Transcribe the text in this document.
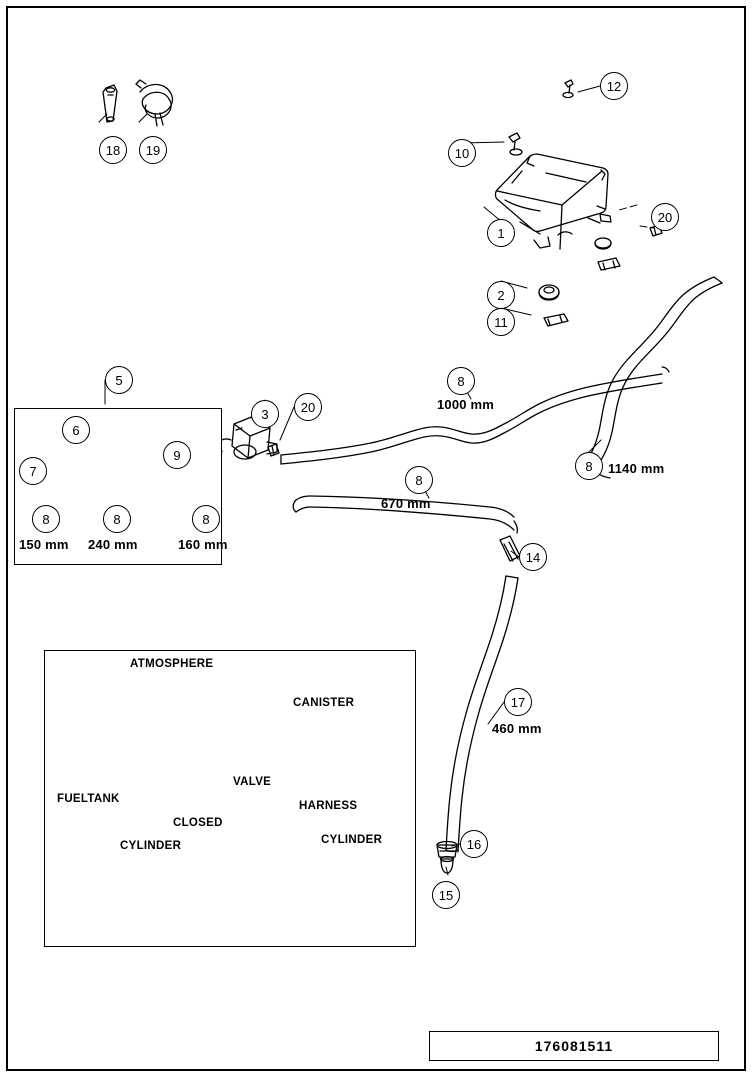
1
2
3
5
6
7
8	8	8
8
8
8
9
10
11
12
14
15
16
17
18	19
20
20
150 mm 240 mm	160 mm
1000 mm
670 mm
1140 mm
460 mm
ATMOSPHERE
CANISTER
FUELTANK
VALVE
CLOSED
HARNESS
CYLINDER	CYLINDER
176081511
